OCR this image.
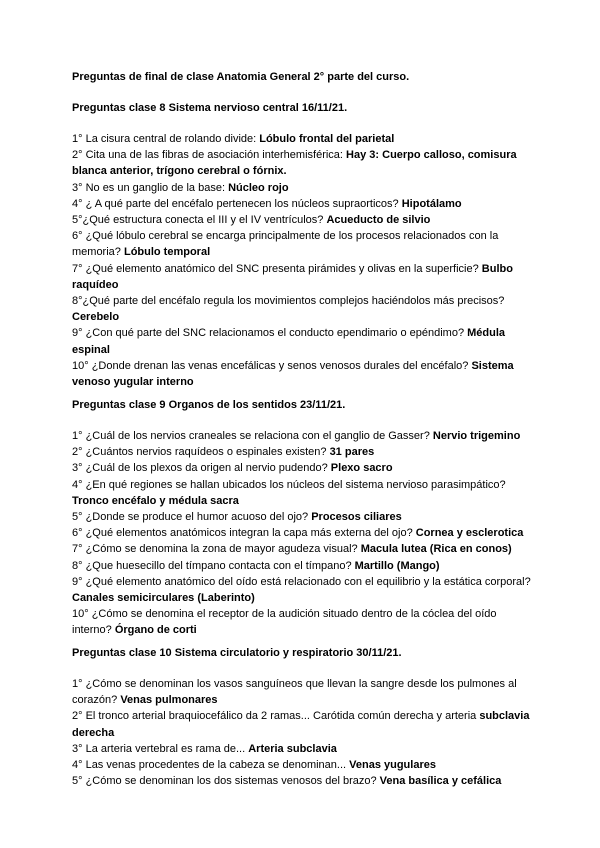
Preguntas de final de clase Anatomia General 2° parte del curso.
Preguntas clase 8 Sistema nervioso central 16/11/21.
1° La cisura central de rolando divide: Lóbulo frontal del parietal
2° Cita una de las fibras de asociación interhemisférica: Hay 3: Cuerpo calloso, comisura blanca anterior, trígono cerebral o fórnix.
3° No es un ganglio de la base: Núcleo rojo
4° ¿ A qué parte del encéfalo pertenecen los núcleos supraorticos? Hipotálamo
5°¿Qué estructura conecta el III y el IV ventrículos? Acueducto de silvio
6° ¿Qué lóbulo cerebral se encarga principalmente de los procesos relacionados con la memoria? Lóbulo temporal
7° ¿Qué elemento anatómico del SNC presenta pirámides y olivas en la superficie? Bulbo raquídeo
8°¿Qué parte del encéfalo regula los movimientos complejos haciéndolos más precisos? Cerebelo
9° ¿Con qué parte del SNC relacionamos el conducto ependimario o epéndimo? Médula espinal
10° ¿Donde drenan las venas encefálicas y senos venosos durales del encéfalo? Sistema venoso yugular interno
Preguntas clase 9 Organos de los sentidos 23/11/21.
1° ¿Cuál de los nervios craneales se relaciona con el ganglio de Gasser? Nervio trigemino
2° ¿Cuántos nervios raquídeos o espinales existen? 31 pares
3° ¿Cuál de los plexos da origen al nervio pudendo? Plexo sacro
4° ¿En qué regiones se hallan ubicados los núcleos del sistema nervioso parasimpático? Tronco encéfalo y médula sacra
5° ¿Donde se produce el humor acuoso del ojo? Procesos ciliares
6° ¿Qué elementos anatómicos integran la capa más externa del ojo? Cornea y esclerotica
7° ¿Cómo se denomina la zona de mayor agudeza visual? Macula lutea (Rica en conos)
8° ¿Que huesecillo del tímpano contacta con el tímpano? Martillo (Mango)
9° ¿Qué elemento anatómico del oído está relacionado con el equilibrio y la estática corporal? Canales semicirculares (Laberinto)
10° ¿Cómo se denomina el receptor de la audición situado dentro de la cóclea del oído interno? Órgano de corti
Preguntas clase 10 Sistema circulatorio y respiratorio 30/11/21.
1° ¿Cómo se denominan los vasos sanguíneos que llevan la sangre desde los pulmones al corazón? Venas pulmonares
2° El tronco arterial braquiocefálico da 2 ramas... Carótida común derecha y arteria subclavia derecha
3° La arteria vertebral es rama de... Arteria subclavia
4° Las venas procedentes de la cabeza se denominan... Venas yugulares
5° ¿Cómo se denominan los dos sistemas venosos del brazo? Vena basílica y cefálica
